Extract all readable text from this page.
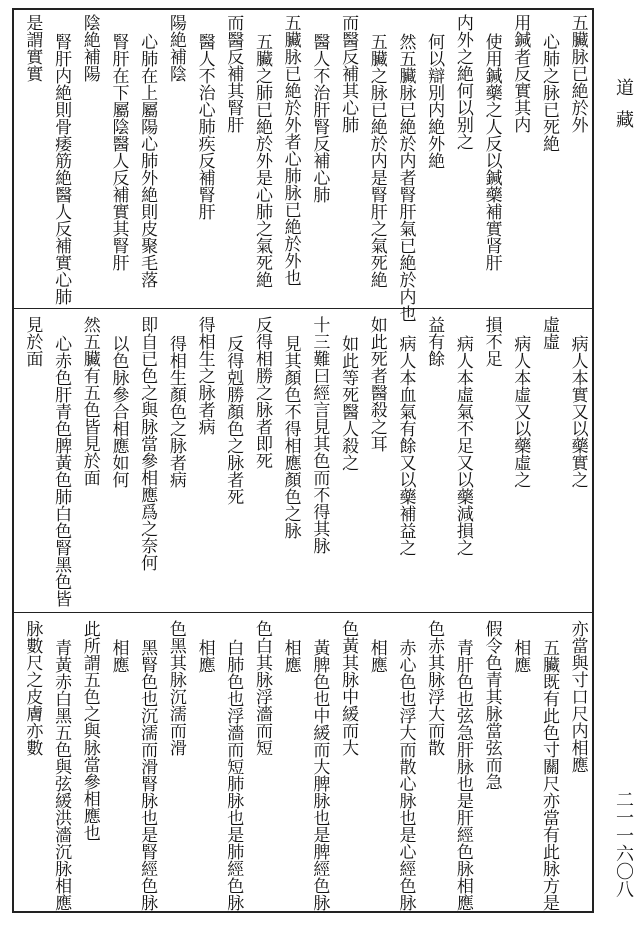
五臟脉已絶於外
心肺之脉已死絶
用鍼者反實其内
使用鍼藥之人反以鍼藥補實肾肝
内外之絶何以别之
何以辯別内絶外絶
然五臟脉已絶於内者腎肝氣已絶於内也
五臟之脉已絶於内是腎肝之氣死絶
而醫反補其心肺
醫人不治肝腎反補心肺
五臟脉已絶於外者心肺脉已絶於外也
五臟之肺已絶於外是心肺之氣死絶
而醫反補其腎肝
醫人不治心肺疾反補腎肝
陽絶補陰
心肺在上屬陽心肺外絶則皮聚毛落
腎肝在下屬陰醫人反補實其腎肝
陰絶補陽
腎肝内絶則骨痿筋絶醫人反補實心肺
是謂實實
病人本實又以藥實之
虛虛
病人本虛又以藥虛之
損不足
病人本虛氣不足又以藥減損之
益有餘
病人本血氣有餘又以藥補益之
如此死者醫殺之耳
如此等死醫人殺之
十三難曰經言見其色而不得其脉
見其顏色不得相應顏色之脉
反得相勝之脉者即死
反得剋勝顏色之脉者死
得相生之脉者病
得相生顏色之脉者病
即自已色之與脉當參相應爲之奈何
以色脉參合相應如何
然五臟有五色皆見於面
心赤色肝青色脾黃色肺白色腎黑色皆
見於面
亦當與寸口尺内相應
五臟既有此色寸關尺亦當有此脉方是
相應
假令色青其脉當弦而急
青肝色也弦急肝脉也是肝經色脉相應
色赤其脉浮大而散
赤心色也浮大而散心脉也是心經色脉
相應
色黃其脉中緩而大
黃脾色也中緩而大脾脉也是脾經色脉
相應
色白其脉浮濇而短
白肺色也浮濇而短肺脉也是肺經色脉
相應
色黑其脉沉濡而滑
黑腎色也沉濡而滑腎脉也是腎經色脉
相應
此所謂五色之與脉當參相應也
青黃赤白黑五色與弦緩洪濇沉脉相應
脉數尺之皮膚亦數
道
藏
二一一六〇八
